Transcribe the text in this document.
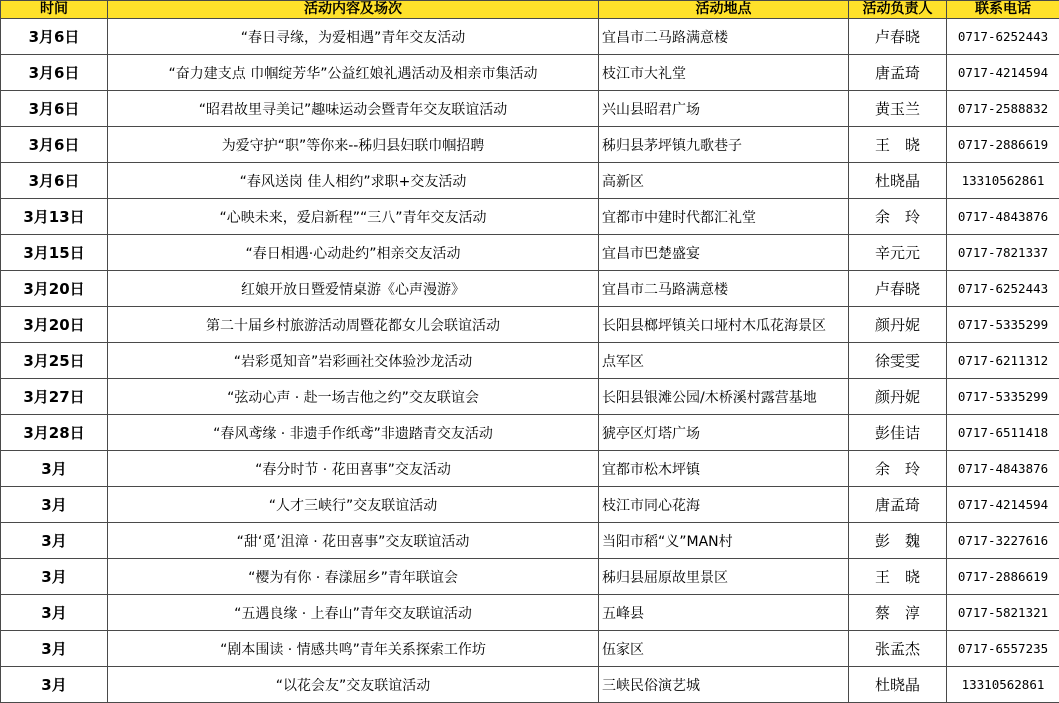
时间	活动内容及场次	活动地点	活动负责人	联系电话
3月6日	“春日寻缘，为爱相遇”青年交友活动	宜昌市二马路满意楼	卢春晓	0717-6252443
3月6日	“奋力建支点 巾帼绽芳华”公益红娘礼遇活动及相亲市集活动	枝江市大礼堂	唐孟琦	0717-4214594
3月6日	“昭君故里寻美记”趣味运动会暨青年交友联谊活动	兴山县昭君广场	黄玉兰	0717-2588832
3月6日	为爱守护“职”等你来--秭归县妇联巾帼招聘	秭归县茅坪镇九歌巷子	王　晓	0717-2886619
3月6日	“春风送岗 佳人相约”求职+交友活动	高新区	杜晓晶	13310562861
3月13日	“心映未来，爱启新程”“三八”青年交友活动	宜都市中建时代都汇礼堂	余　玲	0717-4843876
3月15日	“春日相遇·心动赴约”相亲交友活动	宜昌市巴楚盛宴	辛元元	0717-7821337
3月20日	红娘开放日暨爱情桌游《心声漫游》	宜昌市二马路满意楼	卢春晓	0717-6252443
3月20日	第二十届乡村旅游活动周暨花都女儿会联谊活动	长阳县榔坪镇关口垭村木瓜花海景区	颜丹妮	0717-5335299
3月25日	“岩彩觅知音”岩彩画社交体验沙龙活动	点军区	徐雯雯	0717-6211312
3月27日	“弦动心声 · 赴一场吉他之约”交友联谊会	长阳县银滩公园/木桥溪村露营基地	颜丹妮	0717-5335299
3月28日	“春风鸢缘 · 非遗手作纸鸢”非遗踏青交友活动	猇亭区灯塔广场	彭佳诘	0717-6511418
3月	“春分时节 · 花田喜事”交友活动	宜都市松木坪镇	余　玲	0717-4843876
3月	“人才三峡行”交友联谊活动	枝江市同心花海	唐孟琦	0717-4214594
3月	“甜‘觅’沮漳 · 花田喜事”交友联谊活动	当阳市稻“义”MAN村	彭　魏	0717-3227616
3月	“樱为有你 · 春漾屈乡”青年联谊会	秭归县屈原故里景区	王　晓	0717-2886619
3月	“五遇良缘 · 上春山”青年交友联谊活动	五峰县	蔡　淳	0717-5821321
3月	“剧本围读 · 情感共鸣”青年关系探索工作坊	伍家区	张孟杰	0717-6557235
3月	“以花会友”交友联谊活动	三峡民俗演艺城	杜晓晶	13310562861
